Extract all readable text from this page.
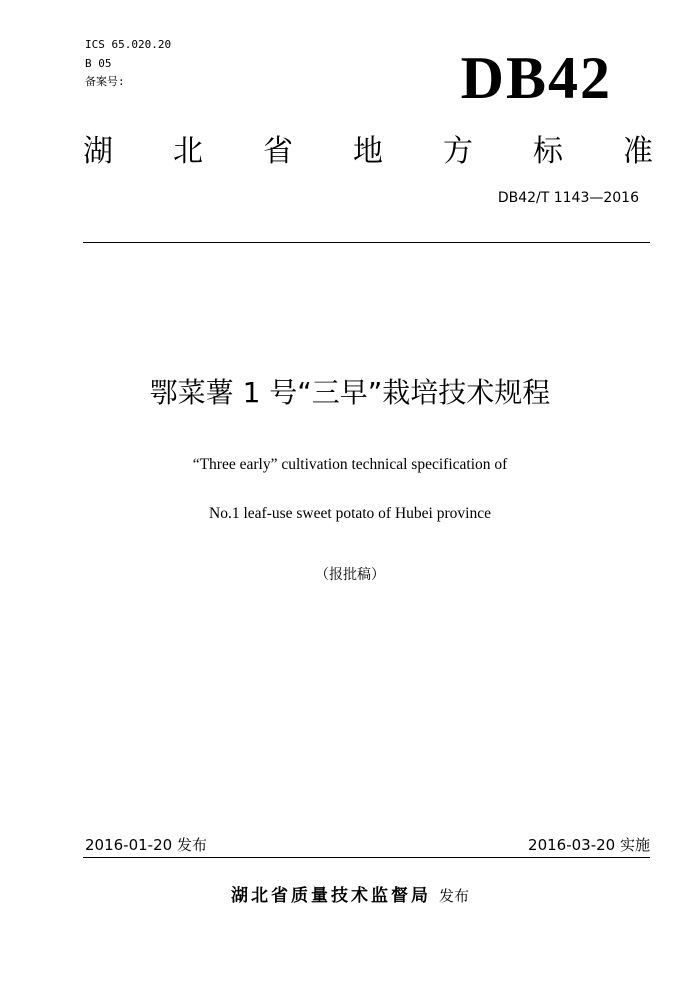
ICS 65.020.20
B 05
备案号:	DB42
湖 北 省 地 方 标 准
DB42/T 1143—2016
鄂菜薯 1 号“三早”栽培技术规程
“Three early” cultivation technical specification of
No.1 leaf-use sweet potato of Hubei province
（报批稿）
2016-01-20 发布	2016-03-20 实施
湖北省质量技术监督局 发布
